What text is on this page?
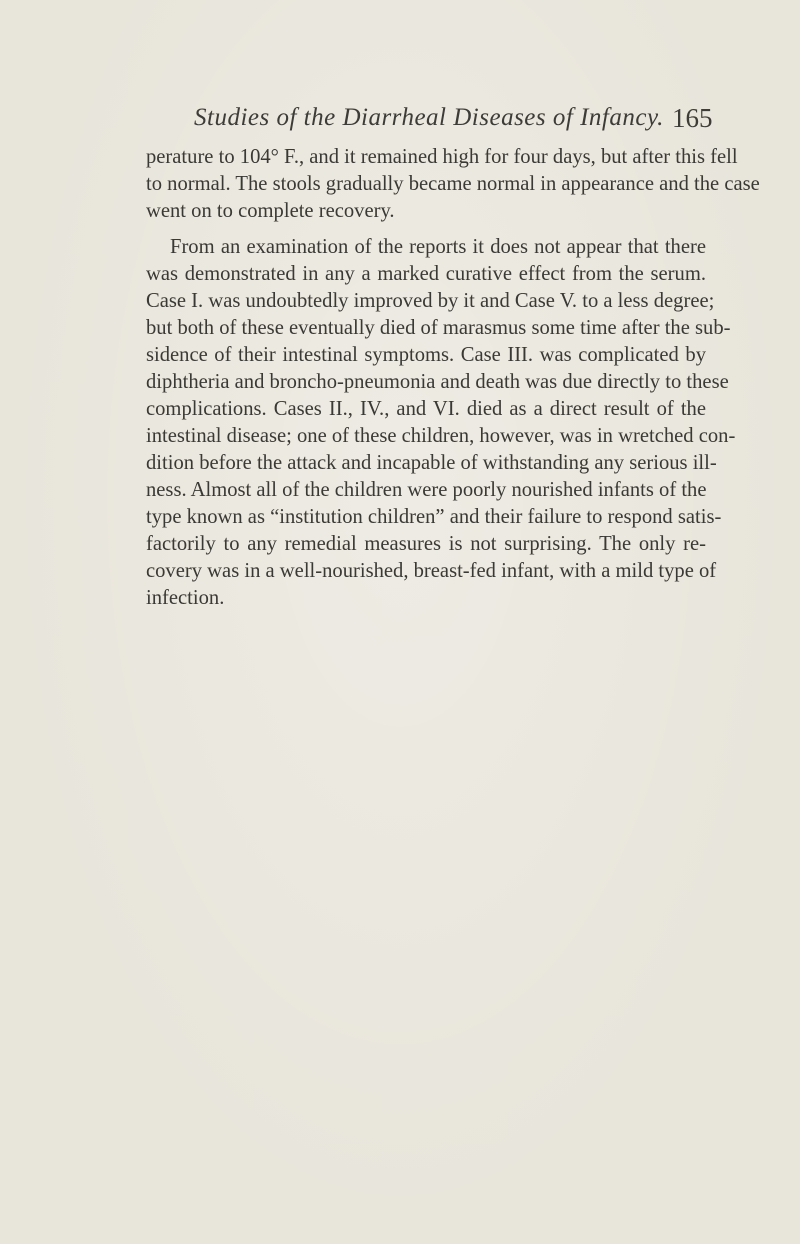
Studies of the Diarrheal Diseases of Infancy. 165
perature to 104° F., and it remained high for four days, but after this fell
to normal. The stools gradually became normal in appearance and the case
went on to complete recovery.
From an examination of the reports it does not appear that there
was demonstrated in any a marked curative effect from the serum.
Case I. was undoubtedly improved by it and Case V. to a less degree;
but both of these eventually died of marasmus some time after the sub-
sidence of their intestinal symptoms. Case III. was complicated by
diphtheria and broncho-pneumonia and death was due directly to these
complications. Cases II., IV., and VI. died as a direct result of the
intestinal disease; one of these children, however, was in wretched con-
dition before the attack and incapable of withstanding any serious ill-
ness. Almost all of the children were poorly nourished infants of the
type known as “institution children” and their failure to respond satis-
factorily to any remedial measures is not surprising. The only re-
covery was in a well-nourished, breast-fed infant, with a mild type of
infection.
